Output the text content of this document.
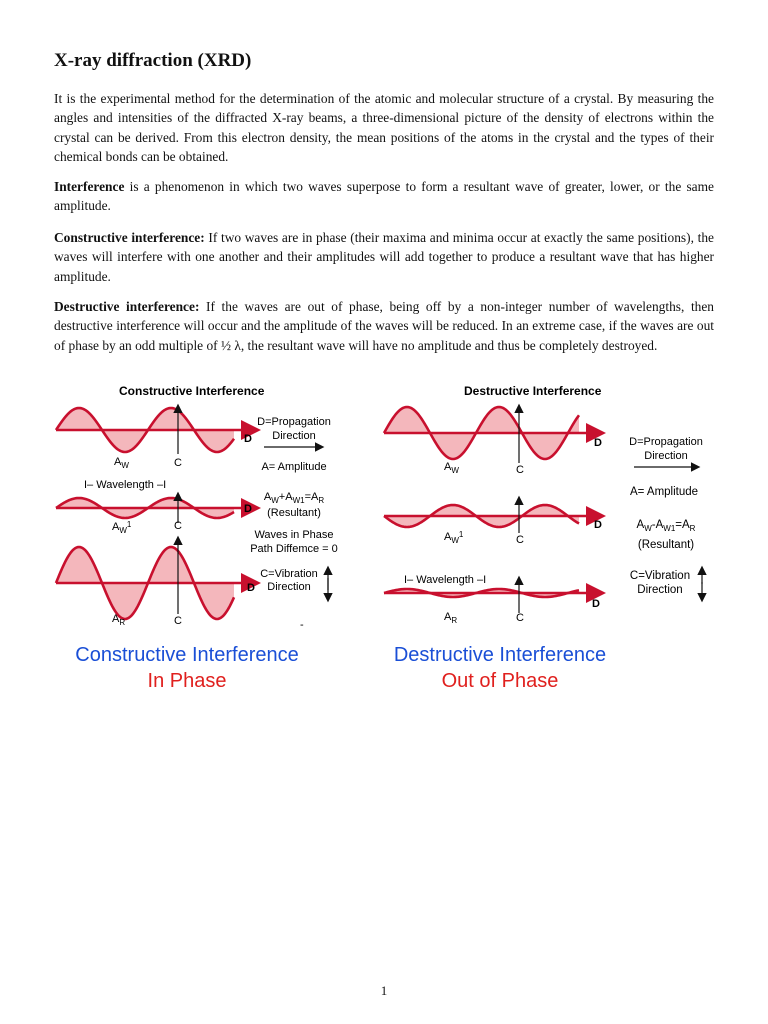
X-ray diffraction (XRD)

It is the experimental method for the determination of the atomic and molecular structure of a crystal. By measuring the angles and intensities of the diffracted X-ray beams, a three-dimensional picture of the density of electrons within the crystal can be derived. From this electron density, the mean positions of the atoms in the crystal and the types of their chemical bonds can be obtained.

Interference is a phenomenon in which two waves superpose to form a resultant wave of greater, lower, or the same amplitude.

Constructive interference: If two waves are in phase (their maxima and minima occur at exactly the same positions), the waves will interfere with one another and their amplitudes will add together to produce a resultant wave that has higher amplitude.

Destructive interference: If the waves are out of phase, being off by a non-integer number of wavelengths, then destructive interference will occur and the amplitude of the waves will be reduced. In an extreme case, if the waves are out of phase by an odd multiple of ½ λ, the resultant wave will have no amplitude and thus be completely destroyed.

Constructive Interference
D
C
$A_W$
I– Wavelength –I
D
C
$A_W^1$
D
C
$A_R$
D=Propagation
Direction
A= Amplitude
$A_W+A_{W1}=A_R$
(Resultant)
Waves in Phase
Path Diffemce = 0
C=Vibration
Direction
-
Destructive Interference
D
C
$A_W$
D
C
$A_W^1$
I– Wavelength –I
D
C
$A_R$
D=Propagation
Direction
A= Amplitude
$A_W-A_{W1}=A_R$
(Resultant)
C=Vibration
Direction
Constructive Interference
In Phase
Destructive Interference
Out of Phase
1
